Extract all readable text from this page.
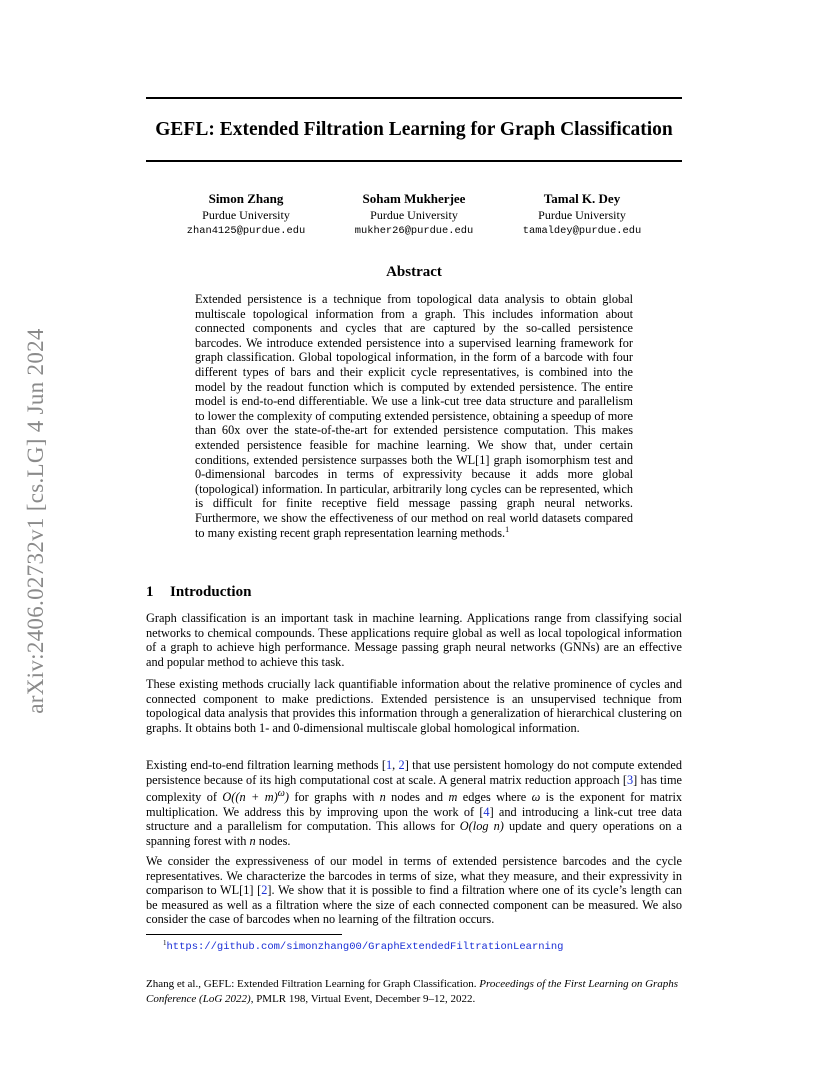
arXiv:2406.02732v1 [cs.LG] 4 Jun 2024
GEFL: Extended Filtration Learning for Graph Classification
Simon Zhang
Purdue University
zhan4125@purdue.edu
Soham Mukherjee
Purdue University
mukher26@purdue.edu
Tamal K. Dey
Purdue University
tamaldey@purdue.edu
Abstract

Extended persistence is a technique from topological data analysis to obtain global multiscale topological information from a graph. This includes information about connected components and cycles that are captured by the so-called persistence barcodes. We introduce extended persistence into a supervised learning framework for graph classification. Global topological information, in the form of a barcode with four different types of bars and their explicit cycle representatives, is combined into the model by the readout function which is computed by extended persistence. The entire model is end-to-end differentiable. We use a link-cut tree data structure and parallelism to lower the complexity of computing extended persistence, obtaining a speedup of more than 60x over the state-of-the-art for extended persistence computation. This makes extended persistence feasible for machine learning. We show that, under certain conditions, extended persistence surpasses both the WL[1] graph isomorphism test and 0-dimensional barcodes in terms of expressivity because it adds more global (topological) information. In particular, arbitrarily long cycles can be represented, which is difficult for finite receptive field message passing graph neural networks. Furthermore, we show the effectiveness of our method on real world datasets compared to many existing recent graph representation learning methods.$^1$

1 Introduction

Graph classification is an important task in machine learning. Applications range from classifying social networks to chemical compounds. These applications require global as well as local topological information of a graph to achieve high performance. Message passing graph neural networks (GNNs) are an effective and popular method to achieve this task.

These existing methods crucially lack quantifiable information about the relative prominence of cycles and connected component to make predictions. Extended persistence is an unsupervised technique from topological data analysis that provides this information through a generalization of hierarchical clustering on graphs. It obtains both 1- and 0-dimensional multiscale global homological information.

Existing end-to-end filtration learning methods [1, 2] that use persistent homology do not compute extended persistence because of its high computational cost at scale. A general matrix reduction approach [3] has time complexity of $O((n + m)^\omega)$ for graphs with n nodes and m edges where ω is the exponent for matrix multiplication. We address this by improving upon the work of [4] and introducing a link-cut tree data structure and a parallelism for computation. This allows for O(log n) update and query operations on a spanning forest with n nodes.

We consider the expressiveness of our model in terms of extended persistence barcodes and the cycle representatives. We characterize the barcodes in terms of size, what they measure, and their expressivity in comparison to WL[1] [2]. We show that it is possible to find a filtration where one of its cycle’s length can be measured as well as a filtration where the size of each connected component can be measured. We also consider the case of barcodes when no learning of the filtration occurs.

$^1$https://github.com/simonzhang00/GraphExtendedFiltrationLearning

Zhang et al., GEFL: Extended Filtration Learning for Graph Classification. Proceedings of the First Learning on Graphs Conference (LoG 2022), PMLR 198, Virtual Event, December 9–12, 2022.
